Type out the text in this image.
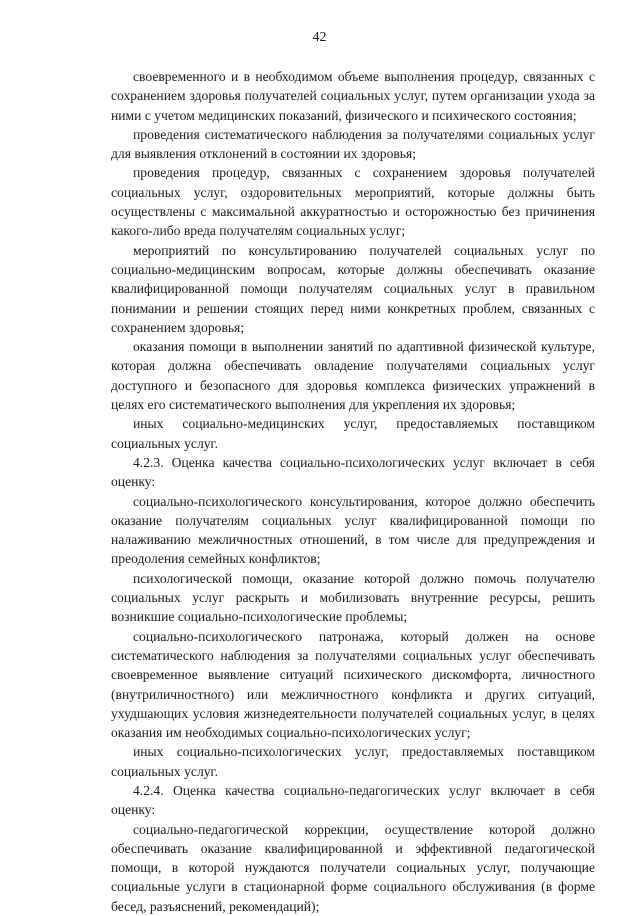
42

своевременного и в необходимом объеме выполнения процедур, связанных с сохранением здоровья получателей социальных услуг, путем организации ухода за ними с учетом медицинских показаний, физического и психического состояния;

проведения систематического наблюдения за получателями социальных услуг для выявления отклонений в состоянии их здоровья;

проведения процедур, связанных с сохранением здоровья получателей социальных услуг, оздоровительных мероприятий, которые должны быть осуществлены с максимальной аккуратностью и осторожностью без причинения какого-либо вреда получателям социальных услуг;

мероприятий по консультированию получателей социальных услуг по социально-медицинским вопросам, которые должны обеспечивать оказание квалифицированной помощи получателям социальных услуг в правильном понимании и решении стоящих перед ними конкретных проблем, связанных с сохранением здоровья;

оказания помощи в выполнении занятий по адаптивной физической культуре, которая должна обеспечивать овладение получателями социальных услуг доступного и безопасного для здоровья комплекса физических упражнений в целях его систематического выполнения для укрепления их здоровья;

иных социально-медицинских услуг, предоставляемых поставщиком социальных услуг.

4.2.3. Оценка качества социально-психологических услуг включает в себя оценку:

социально-психологического консультирования, которое должно обеспечить оказание получателям социальных услуг квалифицированной помощи по налаживанию межличностных отношений, в том числе для предупреждения и преодоления семейных конфликтов;

психологической помощи, оказание которой должно помочь получателю социальных услуг раскрыть и мобилизовать внутренние ресурсы, решить возникшие социально-психологические проблемы;

социально-психологического патронажа, который должен на основе систематического наблюдения за получателями социальных услуг обеспечивать своевременное выявление ситуаций психического дискомфорта, личностного (внутриличностного) или межличностного конфликта и других ситуаций, ухудшающих условия жизнедеятельности получателей социальных услуг, в целях оказания им необходимых социально-психологических услуг;

иных социально-психологических услуг, предоставляемых поставщиком социальных услуг.

4.2.4. Оценка качества социально-педагогических услуг включает в себя оценку:

социально-педагогической коррекции, осуществление которой должно обеспечивать оказание квалифицированной и эффективной педагогической помощи, в которой нуждаются получатели социальных услуг, получающие социальные услуги в стационарной форме социального обслуживания (в форме бесед, разъяснений, рекомендаций);
